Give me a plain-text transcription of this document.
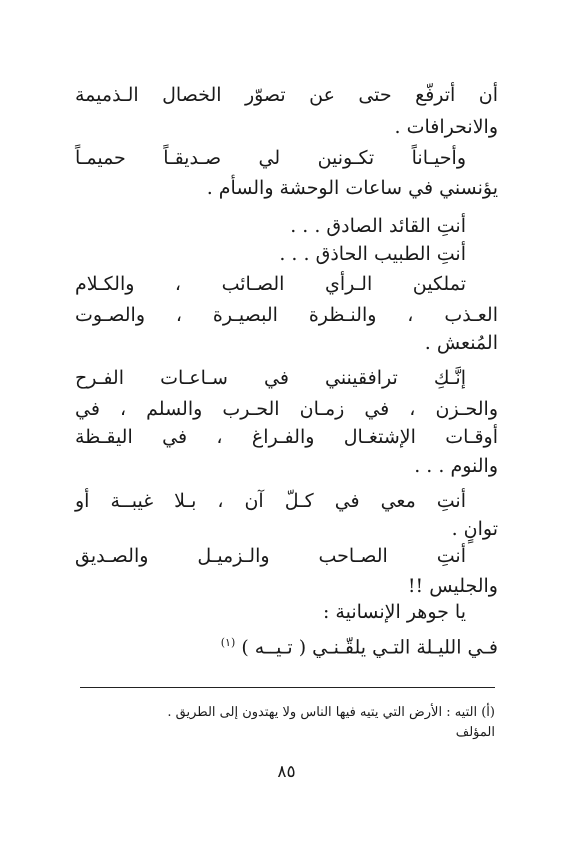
أن أترفّع حتى عن تصوّر الخصال الـذميمة
والانحرافات .
وأحيـاناً تكـونين لي صـديقـاً حميمـاً
يؤنسني في ساعات الوحشة والسأم .
أنتِ القائد الصادق . . .
أنتِ الطبيب الحاذق . . .
تملكين الـرأي الصـائب ، والكـلام
العـذب ، والنـظرة البصيـرة ، والصـوت
المُنعش .
إنَّـكِ ترافقينني في سـاعـات الفـرح
والحـزن ، في زمـان الحـرب والسلم ، في
أوقـات الإشتغـال والفـراغ ، في اليقـظة
والنوم . . .
أنتِ معي في كـلّ آن ، بـلا غيبــة أو
توانٍ .
أنتِ الصـاحب والـزميـل والصـديق
والجليس !!
يا جوهر الإنسانية :
فـي الليـلة التـي يلقّـنـي ( تـيــه ) $^{(١)}$
(أ) التيه : الأرض التي يتيه فيها الناس ولا يهتدون إلى الطريق .
المؤلف
٨٥
